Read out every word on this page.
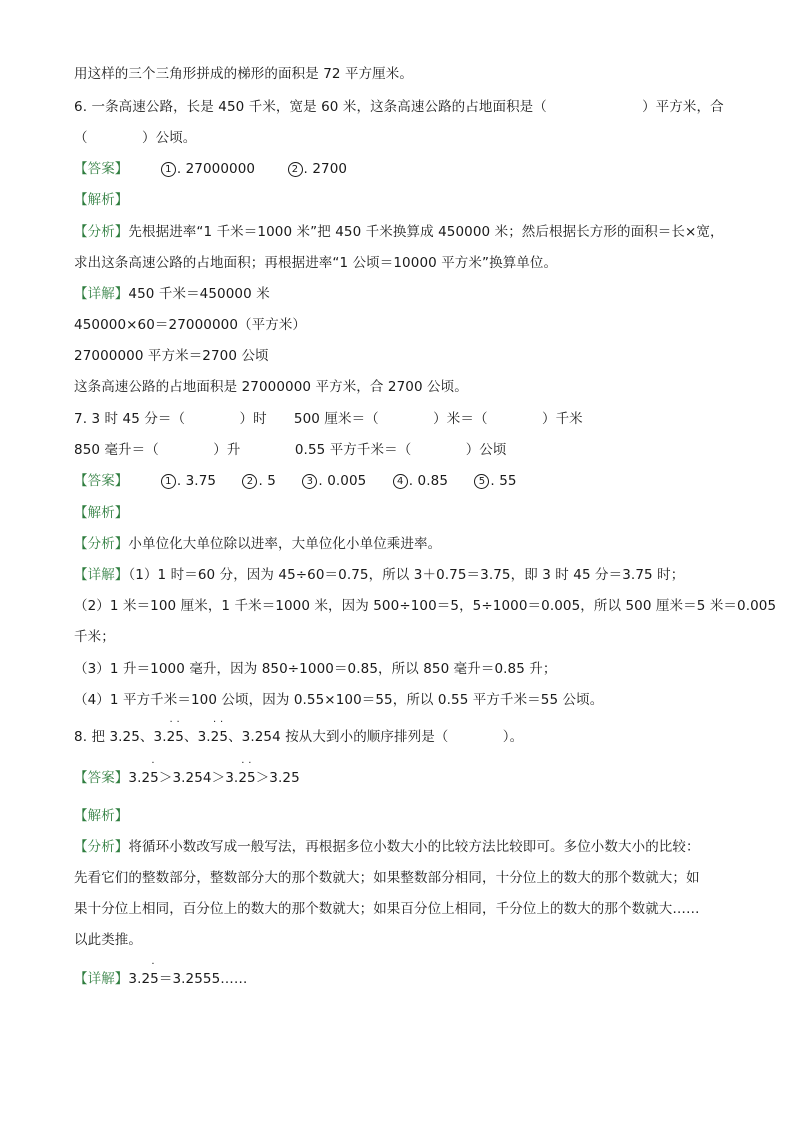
用这样的三个三角形拼成的梯形的面积是 72 平方厘米。
6. 一条高速公路，长是 450 千米，宽是 60 米，这条高速公路的占地面积是（　　　　　　　）平方米，合
（　　　　）公顷。
【答案】	1 . 27000000	2 . 2700
【解析】
【分析】先根据进率“1 千米＝1000 米”把 450 千米换算成 450000 米；然后根据长方形的面积＝长×宽，
求出这条高速公路的占地面积；再根据进率“1 公顷＝10000 平方米”换算单位。
【详解】450 千米＝450000 米
450000×60＝27000000（平方米）
27000000 平方米＝2700 公顷
这条高速公路的占地面积是 27000000 平方米，合 2700 公顷。
7. 3 时 45 分＝（　　　　）时　　500 厘米＝（　　　　）米＝（　　　　）千米
850 毫升＝（　　　　）升　　　　0.55 平方千米＝（　　　　）公顷
【答案】	1 . 3.75	2 . 5	3 . 0.005	4 . 0.85	5 . 55
【解析】
【分析】小单位化大单位除以进率，大单位化小单位乘进率。
【详解】（1）1 时＝60 分，因为 45÷60＝0.75，所以 3＋0.75＝3.75，即 3 时 45 分＝3.75 时；
（2）1 米＝100 厘米，1 千米＝1000 米，因为 500÷100＝5，5÷1000＝0.005，所以 500 厘米＝5 米＝0.005
千米；
（3）1 升＝1000 毫升，因为 850÷1000＝0.85，所以 850 毫升＝0.85 升；
（4）1 平方千米＝100 公顷，因为 0.55×100＝55，所以 0.55 平方千米＝55 公顷。
8. 把 3.25、3.25
· ·
、3.25
· ·
、3.254 按从大到小的顺序排列是（　　　　）。
【答案】3.25
·
＞3.254＞3.25
· ·
＞3.25
【解析】
【分析】将循环小数改写成一般写法，再根据多位小数大小的比较方法比较即可。多位小数大小的比较：
先看它们的整数部分，整数部分大的那个数就大；如果整数部分相同，十分位上的数大的那个数就大；如
果十分位上相同，百分位上的数大的那个数就大；如果百分位上相同，千分位上的数大的那个数就大……
以此类推。
【详解】3.25
·
＝3.2555……
